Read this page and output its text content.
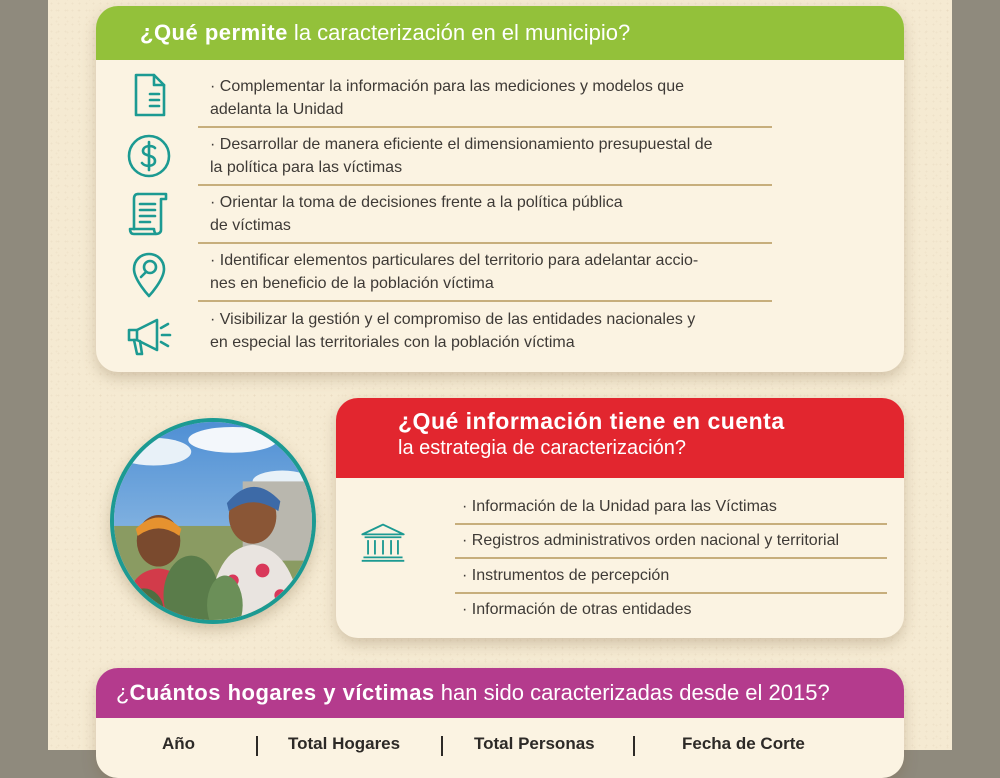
¿Qué permite la caracterización en el municipio?
· Complementar la información para las mediciones y modelos que
adelanta la Unidad
· Desarrollar de manera eficiente el dimensionamiento presupuestal de
la política para las víctimas
· Orientar la toma de decisiones frente a la política pública
de víctimas
· Identificar elementos particulares del territorio para adelantar accio-
nes en beneficio de la población víctima
· Visibilizar la gestión y el compromiso de las entidades nacionales y
en especial las territoriales con la población víctima
¿Qué información tiene en cuenta
la estrategia de caracterización?
· Información de la Unidad para las Víctimas
· Registros administrativos orden nacional y territorial
· Instrumentos de percepción
· Información de otras entidades
¿Cuántos hogares y víctimas han sido caracterizadas desde el 2015?
Año	Total Hogares	Total Personas	Fecha de Corte
